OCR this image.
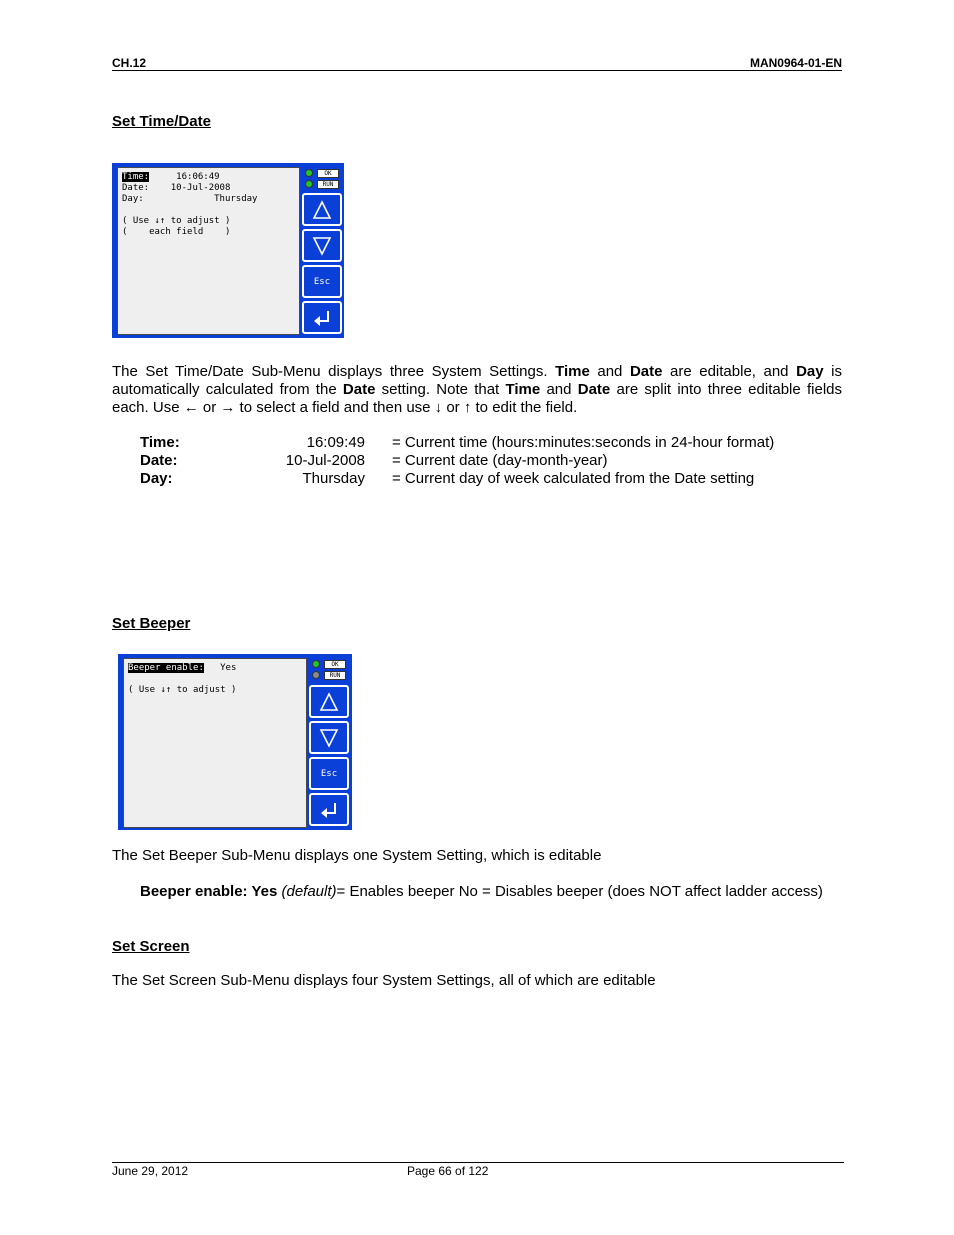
CH.12	MAN0964-01-EN
Set Time/Date
Time:     16:06:49
Date:    10-Jul-2008
Day:             Thursday
( Use ↓↑ to adjust )
(    each field    )
OK
RUN
Esc
The Set Time/Date Sub-Menu displays three System Settings. Time and Date are editable, and Day is automatically calculated from the Date setting. Note that Time and Date are split into three editable fields each. Use ← or → to select a field and then use ↓ or ↑ to edit the field.
Time:	16:09:49 = Current time (hours:minutes:seconds in 24-hour format)
Date:	10-Jul-2008 = Current date (day-month-year)
Day:	Thursday = Current day of week calculated from the Date setting
Set Beeper
Beeper enable:   Yes
( Use ↓↑ to adjust )
OK
RUN
Esc
The Set Beeper Sub-Menu displays one System Setting, which is editable
Beeper enable: Yes (default)= Enables beeper No = Disables beeper (does NOT affect ladder access)
Set Screen
The Set Screen Sub-Menu displays four System Settings, all of which are editable
June 29, 2012	Page 66 of 122
